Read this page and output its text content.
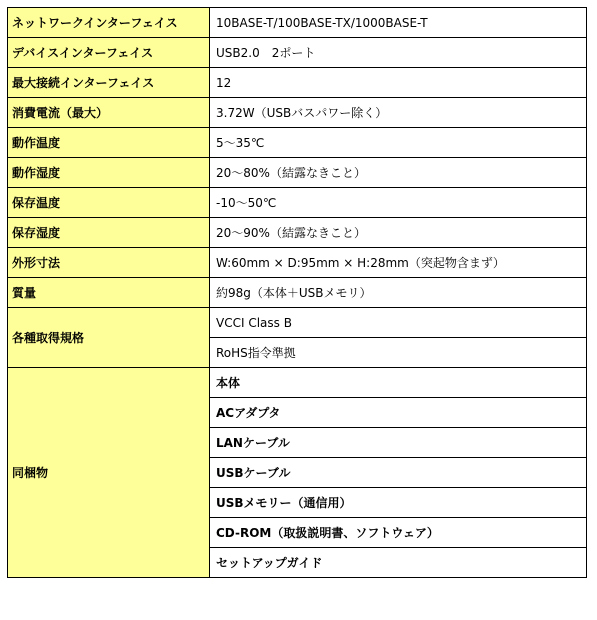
ネットワークインターフェイス	10BASE-T/100BASE-TX/1000BASE-T
デバイスインターフェイス	USB2.0　2ポート
最大接続インターフェイス	12
消費電流（最大）	3.72W（USBバスパワー除く）
動作温度	5～35℃
動作湿度	20～80%（結露なきこと）
保存温度	-10～50℃
保存湿度	20～90%（結露なきこと）
外形寸法	W:60mm × D:95mm × H:28mm（突起物含まず）
質量	約98g（本体＋USBメモリ）
各種取得規格	VCCI Class B
	RoHS指令準拠
同梱物	本体
	ACアダプタ
	LANケーブル
	USBケーブル
	USBメモリー（通信用）
	CD-ROM（取扱説明書、ソフトウェア）
	セットアップガイド
